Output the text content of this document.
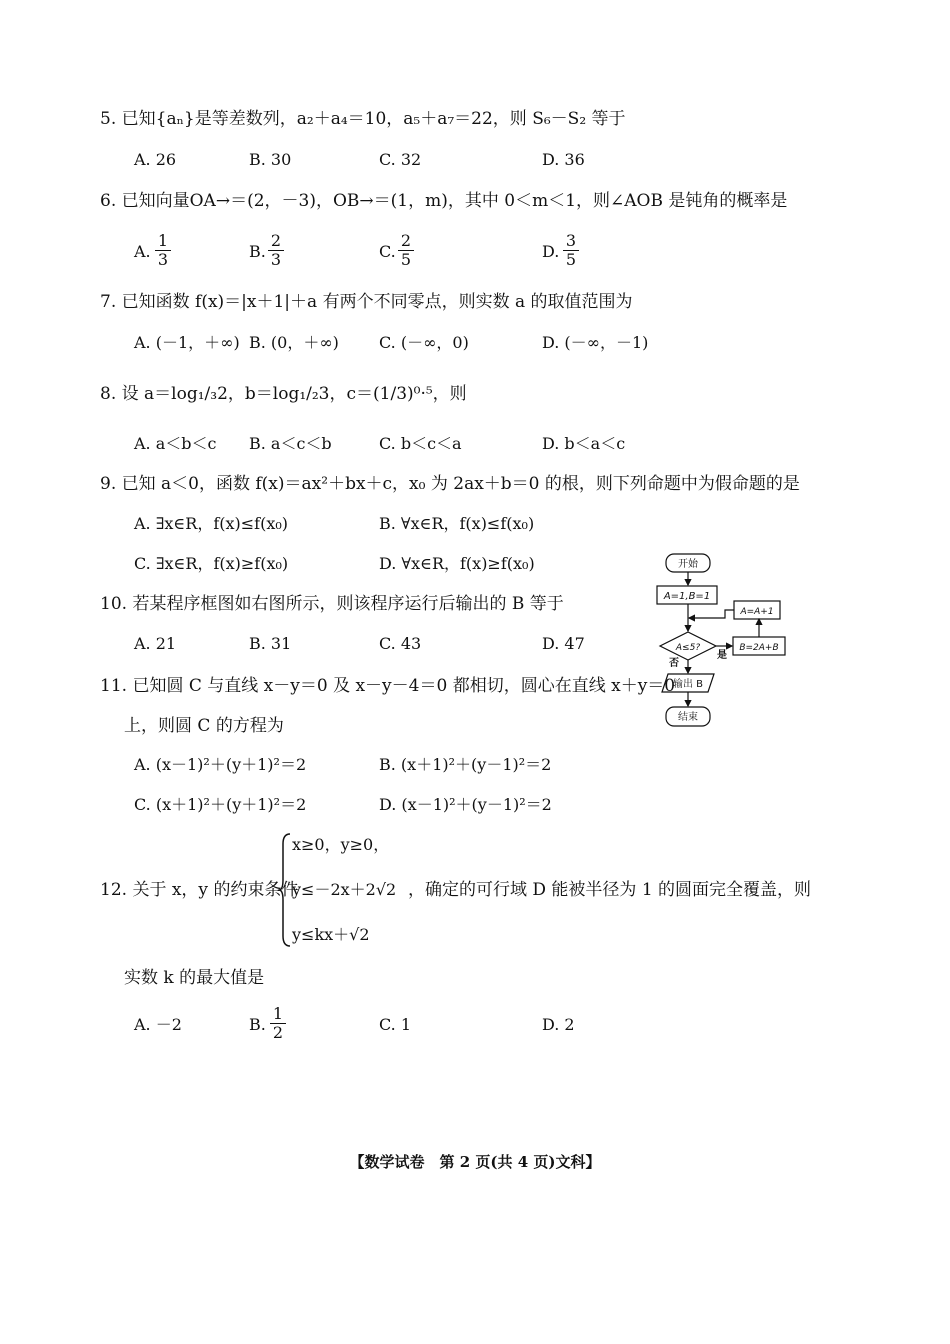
5. 已知{aₙ}是等差数列，a₂＋a₄＝10，a₅＋a₇＝22，则 S₆－S₂ 等于
A. 26	B. 30	C. 32	D. 36
6. 已知向量OA→＝(2，－3)，OB→＝(1，m)，其中 0＜m＜1，则∠AOB 是钝角的概率是
A. $\frac{1}{3}$	B. $\frac{2}{3}$	C. $\frac{2}{5}$	D. $\frac{3}{5}$
7. 已知函数 f(x)＝|x＋1|＋a 有两个不同零点，则实数 a 的取值范围为
A. (－1，＋∞) B. (0，＋∞)	C. (－∞，0)	D. (－∞，－1)
8. 设 a＝log₁/₃2，b＝log₁/₂3，c＝(1/3)⁰·⁵，则
A. a＜b＜c B. a＜c＜b	C. b＜c＜a	D. b＜a＜c
9. 已知 a＜0，函数 f(x)＝ax²＋bx＋c，x₀ 为 2ax＋b＝0 的根，则下列命题中为假命题的是
A. ∃x∈R，f(x)≤f(x₀)	B. ∀x∈R，f(x)≤f(x₀)
C. ∃x∈R，f(x)≥f(x₀)	D. ∀x∈R，f(x)≥f(x₀)
10. 若某程序框图如右图所示，则该程序运行后输出的 B 等于
A. 21	B. 31	C. 43	D. 47
开始
A=1,B=1
A≤5?
是
B=2A+B
A=A+1
否
输出 B
结束
11. 已知圆 C 与直线 x－y＝0 及 x－y－4＝0 都相切，圆心在直线 x＋y＝0
上，则圆 C 的方程为
A. (x－1)²＋(y＋1)²＝2	B. (x＋1)²＋(y－1)²＝2
C. (x＋1)²＋(y＋1)²＝2	D. (x－1)²＋(y－1)²＝2
12. 关于 x，y 的约束条件
x≥0，y≥0，
y≤－2x＋2√2
y≤kx＋√2
，确定的可行域 D 能被半径为 1 的圆面完全覆盖，则
实数 k 的最大值是
A. －2	B. $\frac{1}{2}$	C. 1	D. 2
【数学试卷　第 2 页(共 4 页)文科】
